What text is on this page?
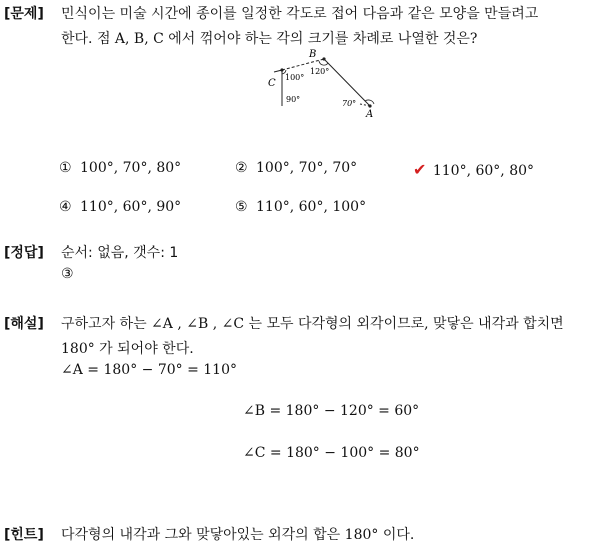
[문제] 민식이는 미술 시간에 종이를 일정한 각도로 접어 다음과 같은 모양을 만들려고
한다. 점 A, B, C 에서 꺾어야 하는 각의 크기를 차례로 나열한 것은?
B
C
A
100°
120°
90°	70°
① 100°, 70°, 80°	② 100°, 70°, 70°	✔ 110°, 60°, 80°
④ 110°, 60°, 90°	⑤ 110°, 60°, 100°
[정답] 순서: 없음, 갯수: 1
③
[해설] 구하고자 하는 ∠A , ∠B , ∠C 는 모두 다각형의 외각이므로, 맞닿은 내각과 합치면
180° 가 되어야 한다.
∠A = 180° − 70° = 110°
∠B = 180° − 120° = 60°
∠C = 180° − 100° = 80°
[힌트] 다각형의 내각과 그와 맞닿아있는 외각의 합은 180° 이다.
